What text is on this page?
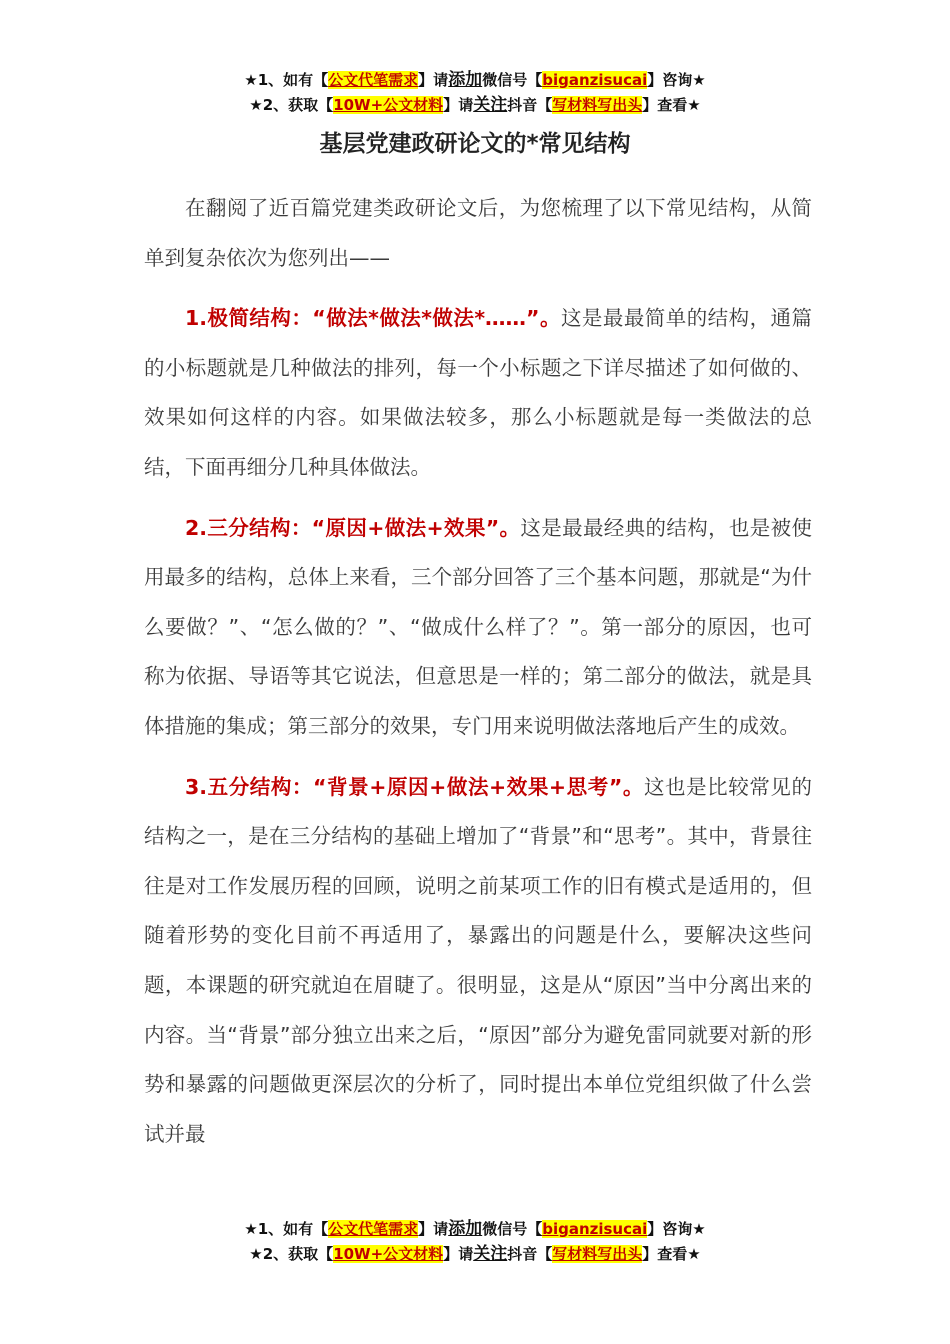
★1、如有【公文代笔需求】请添加微信号【biganzisucai】咨询★
★2、获取【10W+公文材料】请关注抖音【写材料写出头】查看★
基层党建政研论文的*常见结构

在翻阅了近百篇党建类政研论文后，为您梳理了以下常见结构，从简单到复杂依次为您列出——

1.极简结构：“做法*做法*做法*……”。这是最最简单的结构，通篇的小标题就是几种做法的排列，每一个小标题之下详尽描述了如何做的、效果如何这样的内容。如果做法较多，那么小标题就是每一类做法的总结，下面再细分几种具体做法。

2.三分结构：“原因+做法+效果”。这是最最经典的结构，也是被使用最多的结构，总体上来看，三个部分回答了三个基本问题，那就是“为什么要做？”、“怎么做的？”、“做成什么样了？”。第一部分的原因，也可称为依据、导语等其它说法，但意思是一样的；第二部分的做法，就是具体措施的集成；第三部分的效果，专门用来说明做法落地后产生的成效。

3.五分结构：“背景+原因+做法+效果+思考”。这也是比较常见的结构之一，是在三分结构的基础上增加了“背景”和“思考”。其中，背景往往是对工作发展历程的回顾，说明之前某项工作的旧有模式是适用的，但随着形势的变化目前不再适用了，暴露出的问题是什么，要解决这些问题，本课题的研究就迫在眉睫了。很明显，这是从“原因”当中分离出来的内容。当“背景”部分独立出来之后，“原因”部分为避免雷同就要对新的形势和暴露的问题做更深层次的分析了，同时提出本单位党组织做了什么尝试并最

★1、如有【公文代笔需求】请添加微信号【biganzisucai】咨询★
★2、获取【10W+公文材料】请关注抖音【写材料写出头】查看★
